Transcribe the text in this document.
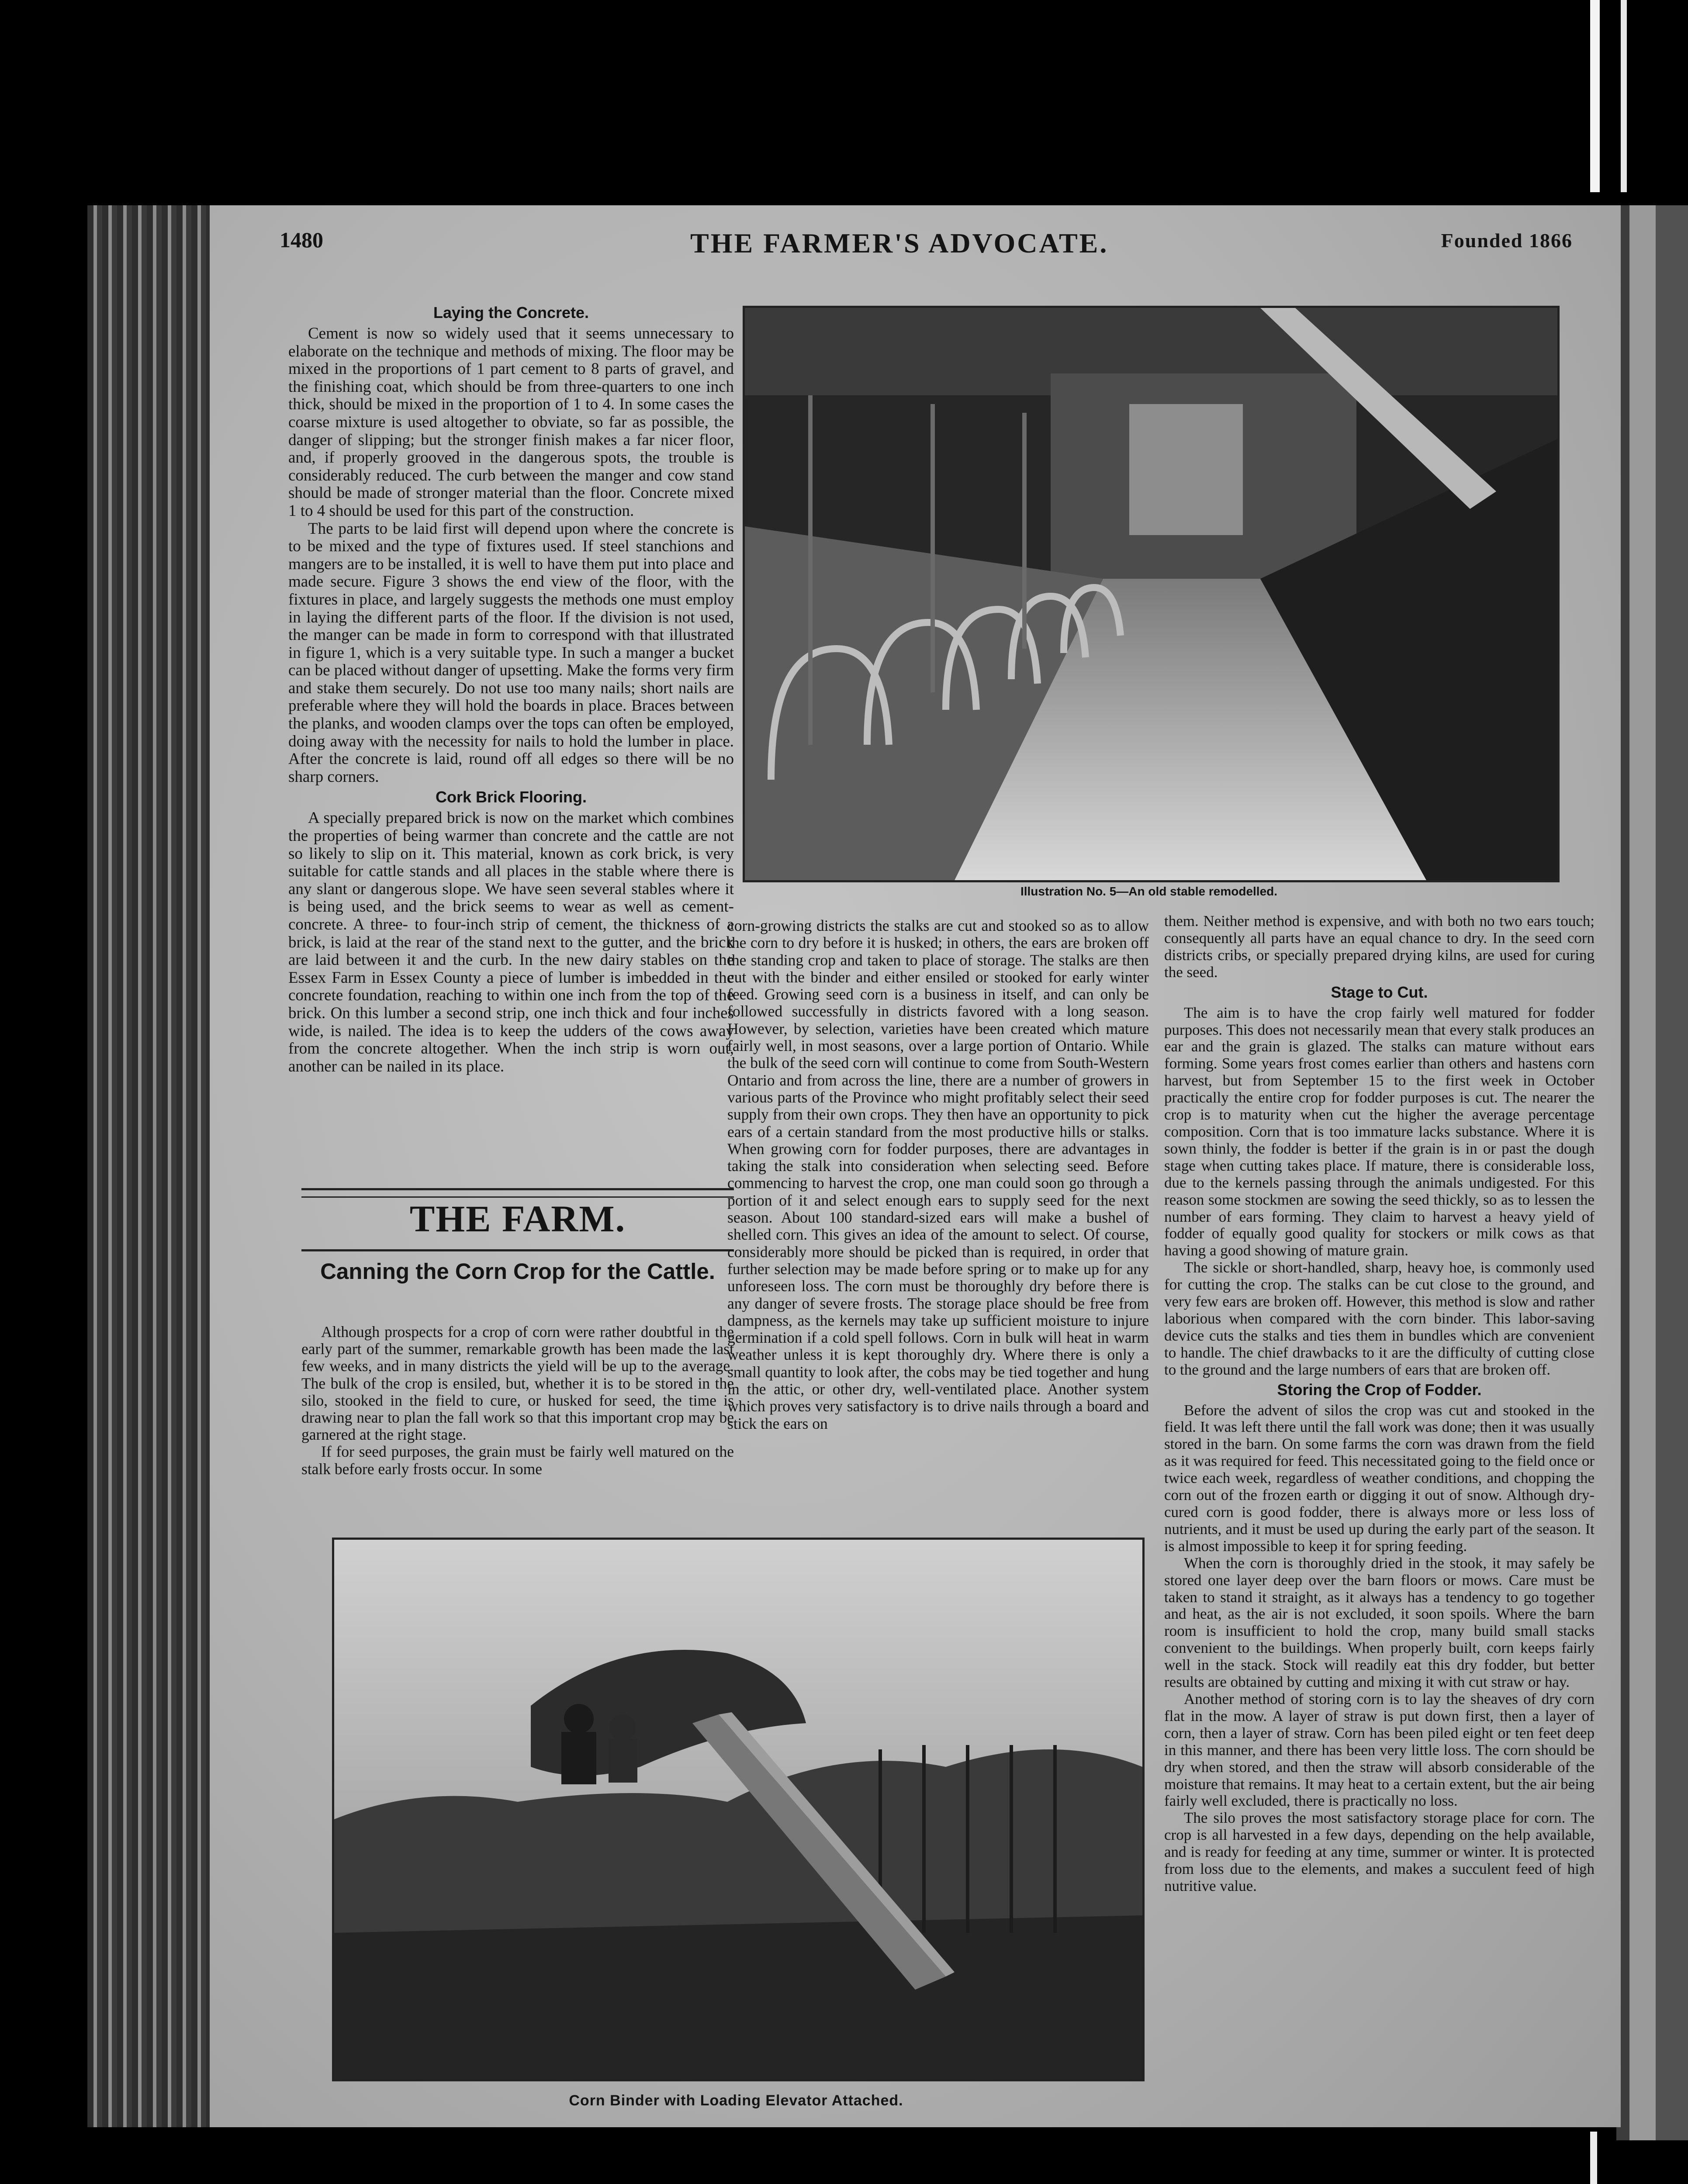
1480	THE FARMER'S ADVOCATE.	Founded 1866
Laying the Concrete.

Cement is now so widely used that it seems unnecessary to elaborate on the technique and methods of mixing. The floor may be mixed in the proportions of 1 part cement to 8 parts of gravel, and the finishing coat, which should be from three-quarters to one inch thick, should be mixed in the proportion of 1 to 4. In some cases the coarse mixture is used altogether to obviate, so far as possible, the danger of slipping; but the stronger finish makes a far nicer floor, and, if properly grooved in the dangerous spots, the trouble is considerably reduced. The curb between the manger and cow stand should be made of stronger material than the floor. Concrete mixed 1 to 4 should be used for this part of the construction.

The parts to be laid first will depend upon where the concrete is to be mixed and the type of fixtures used. If steel stanchions and mangers are to be installed, it is well to have them put into place and made secure. Figure 3 shows the end view of the floor, with the fixtures in place, and largely suggests the methods one must employ in laying the different parts of the floor. If the division is not used, the manger can be made in form to correspond with that illustrated in figure 1, which is a very suitable type. In such a manger a bucket can be placed without danger of upsetting. Make the forms very firm and stake them securely. Do not use too many nails; short nails are preferable where they will hold the boards in place. Braces between the planks, and wooden clamps over the tops can often be employed, doing away with the necessity for nails to hold the lumber in place. After the concrete is laid, round off all edges so there will be no sharp corners.

Cork Brick Flooring.

A specially prepared brick is now on the market which combines the properties of being warmer than concrete and the cattle are not so likely to slip on it. This material, known as cork brick, is very suitable for cattle stands and all places in the stable where there is any slant or dangerous slope. We have seen several stables where it is being used, and the brick seems to wear as well as cement-concrete. A three- to four-inch strip of cement, the thickness of a brick, is laid at the rear of the stand next to the gutter, and the brick are laid between it and the curb. In the new dairy stables on the Essex Farm in Essex County a piece of lumber is imbedded in the concrete foundation, reaching to within one inch from the top of the brick. On this lumber a second strip, one inch thick and four inches wide, is nailed. The idea is to keep the udders of the cows away from the concrete altogether. When the inch strip is worn out, another can be nailed in its place.

THE FARM.
Canning the Corn Crop for the Cattle.

Although prospects for a crop of corn were rather doubtful in the early part of the summer, remarkable growth has been made the last few weeks, and in many districts the yield will be up to the average. The bulk of the crop is ensiled, but, whether it is to be stored in the silo, stooked in the field to cure, or husked for seed, the time is drawing near to plan the fall work so that this important crop may be garnered at the right stage.

If for seed purposes, the grain must be fairly well matured on the stalk before early frosts occur. In some

Illustration No. 5—An old stable remodelled.

corn-growing districts the stalks are cut and stooked so as to allow the corn to dry before it is husked; in others, the ears are broken off the standing crop and taken to place of storage. The stalks are then cut with the binder and either ensiled or stooked for early winter feed. Growing seed corn is a business in itself, and can only be followed successfully in districts favored with a long season. However, by selection, varieties have been created which mature fairly well, in most seasons, over a large portion of Ontario. While the bulk of the seed corn will continue to come from South-Western Ontario and from across the line, there are a number of growers in various parts of the Province who might profitably select their seed supply from their own crops. They then have an opportunity to pick ears of a certain standard from the most productive hills or stalks. When growing corn for fodder purposes, there are advantages in taking the stalk into consideration when selecting seed. Before commencing to harvest the crop, one man could soon go through a portion of it and select enough ears to supply seed for the next season. About 100 standard-sized ears will make a bushel of shelled corn. This gives an idea of the amount to select. Of course, considerably more should be picked than is required, in order that further selection may be made before spring or to make up for any unforeseen loss. The corn must be thoroughly dry before there is any danger of severe frosts. The storage place should be free from dampness, as the kernels may take up sufficient moisture to injure germination if a cold spell follows. Corn in bulk will heat in warm weather unless it is kept thoroughly dry. Where there is only a small quantity to look after, the cobs may be tied together and hung in the attic, or other dry, well-ventilated place. Another system which proves very satisfactory is to drive nails through a board and stick the ears on

them. Neither method is expensive, and with both no two ears touch; consequently all parts have an equal chance to dry. In the seed corn districts cribs, or specially prepared drying kilns, are used for curing the seed.

Stage to Cut.

The aim is to have the crop fairly well matured for fodder purposes. This does not necessarily mean that every stalk produces an ear and the grain is glazed. The stalks can mature without ears forming. Some years frost comes earlier than others and hastens corn harvest, but from September 15 to the first week in October practically the entire crop for fodder purposes is cut. The nearer the crop is to maturity when cut the higher the average percentage composition. Corn that is too immature lacks substance. Where it is sown thinly, the fodder is better if the grain is in or past the dough stage when cutting takes place. If mature, there is considerable loss, due to the kernels passing through the animals undigested. For this reason some stockmen are sowing the seed thickly, so as to lessen the number of ears forming. They claim to harvest a heavy yield of fodder of equally good quality for stockers or milk cows as that having a good showing of mature grain.

The sickle or short-handled, sharp, heavy hoe, is commonly used for cutting the crop. The stalks can be cut close to the ground, and very few ears are broken off. However, this method is slow and rather laborious when compared with the corn binder. This labor-saving device cuts the stalks and ties them in bundles which are convenient to handle. The chief drawbacks to it are the difficulty of cutting close to the ground and the large numbers of ears that are broken off.

Storing the Crop of Fodder.

Before the advent of silos the crop was cut and stooked in the field. It was left there until the fall work was done; then it was usually stored in the barn. On some farms the corn was drawn from the field as it was required for feed. This necessitated going to the field once or twice each week, regardless of weather conditions, and chopping the corn out of the frozen earth or digging it out of snow. Although dry-cured corn is good fodder, there is always more or less loss of nutrients, and it must be used up during the early part of the season. It is almost impossible to keep it for spring feeding.

When the corn is thoroughly dried in the stook, it may safely be stored one layer deep over the barn floors or mows. Care must be taken to stand it straight, as it always has a tendency to go together and heat, as the air is not excluded, it soon spoils. Where the barn room is insufficient to hold the crop, many build small stacks convenient to the buildings. When properly built, corn keeps fairly well in the stack. Stock will readily eat this dry fodder, but better results are obtained by cutting and mixing it with cut straw or hay.

Another method of storing corn is to lay the sheaves of dry corn flat in the mow. A layer of straw is put down first, then a layer of corn, then a layer of straw. Corn has been piled eight or ten feet deep in this manner, and there has been very little loss. The corn should be dry when stored, and then the straw will absorb considerable of the moisture that remains. It may heat to a certain extent, but the air being fairly well excluded, there is practically no loss.

The silo proves the most satisfactory storage place for corn. The crop is all harvested in a few days, depending on the help available, and is ready for feeding at any time, summer or winter. It is protected from loss due to the elements, and makes a succulent feed of high nutritive value.

Corn Binder with Loading Elevator Attached.
